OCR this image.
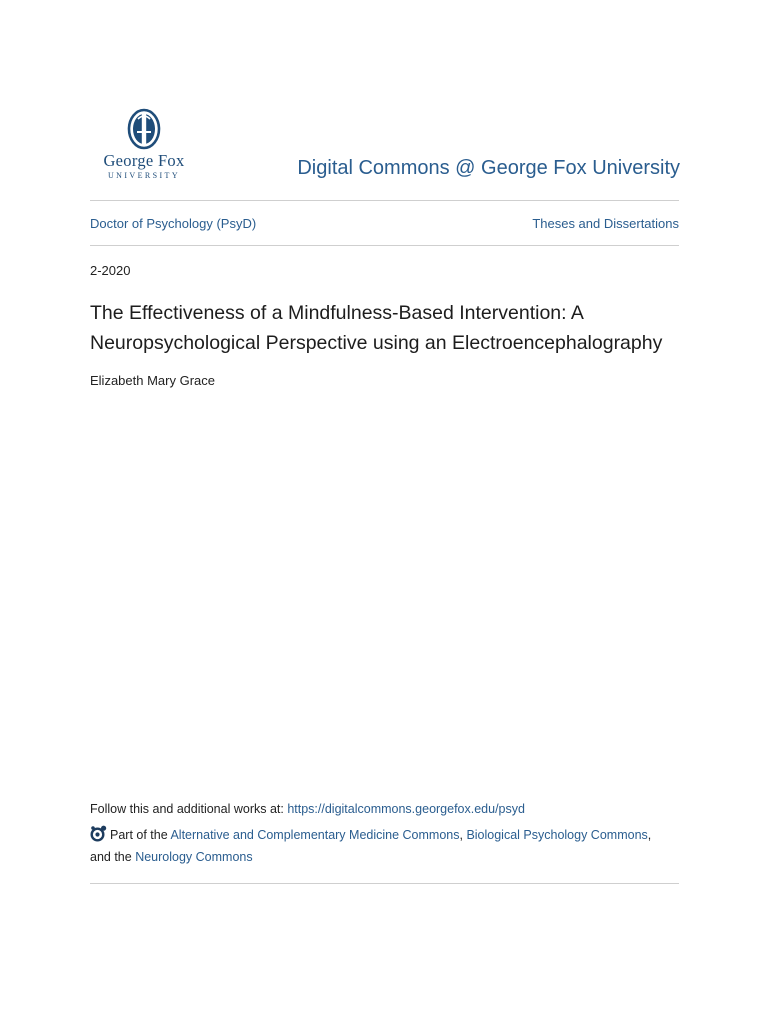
George Fox
UNIVERSITY	Digital Commons @ George Fox University
Doctor of Psychology (PsyD)	Theses and Dissertations
2-2020
The Effectiveness of a Mindfulness-Based Intervention: A
Neuropsychological Perspective using an Electroencephalography
Elizabeth Mary Grace
Follow this and additional works at: https://digitalcommons.georgefox.edu/psyd
Part of the Alternative and Complementary Medicine Commons, Biological Psychology Commons,
and the Neurology Commons
